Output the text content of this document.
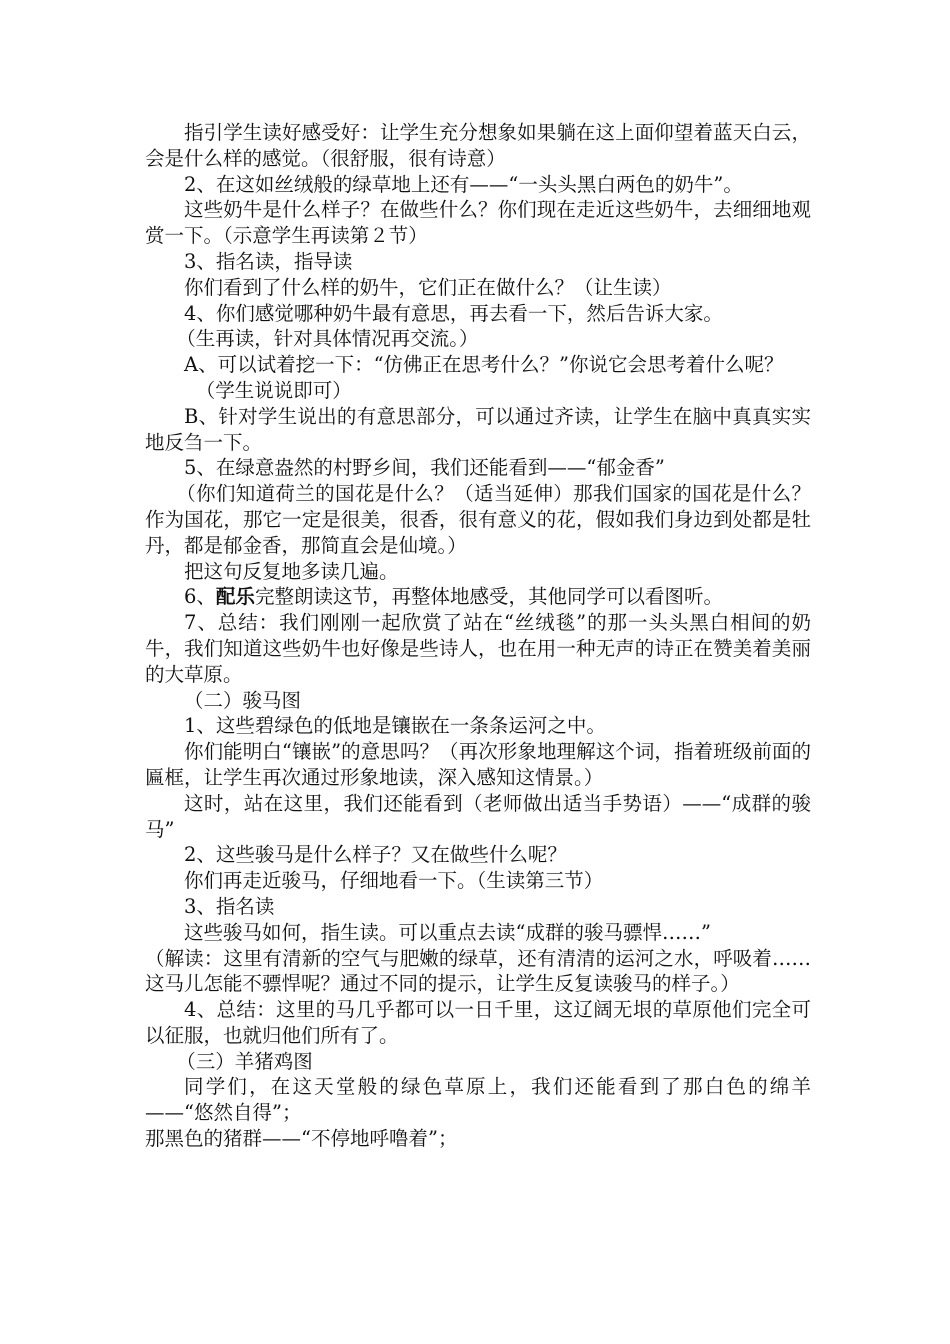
指引学生读好感受好：让学生充分想象如果躺在这上面仰望着蓝天白云，会是什么样的感觉。（很舒服，很有诗意）

2、在这如丝绒般的绿草地上还有——“一头头黑白两色的奶牛”。

这些奶牛是什么样子？在做些什么？你们现在走近这些奶牛，去细细地观赏一下。（示意学生再读第２节）

3、指名读，指导读

你们看到了什么样的奶牛，它们正在做什么？（让生读）

4、你们感觉哪种奶牛最有意思，再去看一下，然后告诉大家。

（生再读，针对具体情况再交流。）

A、可以试着挖一下：“仿佛正在思考什么？”你说它会思考着什么呢？

（学生说说即可）

B、针对学生说出的有意思部分，可以通过齐读，让学生在脑中真真实实地反刍一下。

5、在绿意盎然的村野乡间，我们还能看到——“郁金香”

（你们知道荷兰的国花是什么？（适当延伸）那我们国家的国花是什么？作为国花，那它一定是很美，很香，很有意义的花，假如我们身边到处都是牡丹，都是郁金香，那简直会是仙境。）

把这句反复地多读几遍。

6、配乐完整朗读这节，再整体地感受，其他同学可以看图听。

7、总结：我们刚刚一起欣赏了站在“丝绒毯”的那一头头黑白相间的奶牛，我们知道这些奶牛也好像是些诗人，也在用一种无声的诗正在赞美着美丽的大草原。

（二）骏马图

1、这些碧绿色的低地是镶嵌在一条条运河之中。

你们能明白“镶嵌”的意思吗？（再次形象地理解这个词，指着班级前面的匾框，让学生再次通过形象地读，深入感知这情景。）

这时，站在这里，我们还能看到（老师做出适当手势语）——“成群的骏马”

2、这些骏马是什么样子？又在做些什么呢？

你们再走近骏马，仔细地看一下。（生读第三节）

3、指名读

这些骏马如何，指生读。可以重点去读“成群的骏马骠悍……”

（解读：这里有清新的空气与肥嫩的绿草，还有清清的运河之水，呼吸着……这马儿怎能不骠悍呢？通过不同的提示，让学生反复读骏马的样子。）

4、总结：这里的马几乎都可以一日千里，这辽阔无垠的草原他们完全可以征服，也就归他们所有了。

（三）羊猪鸡图

同学们，在这天堂般的绿色草原上，我们还能看到了那白色的绵羊——“悠然自得”；

那黑色的猪群——“不停地呼噜着”；
